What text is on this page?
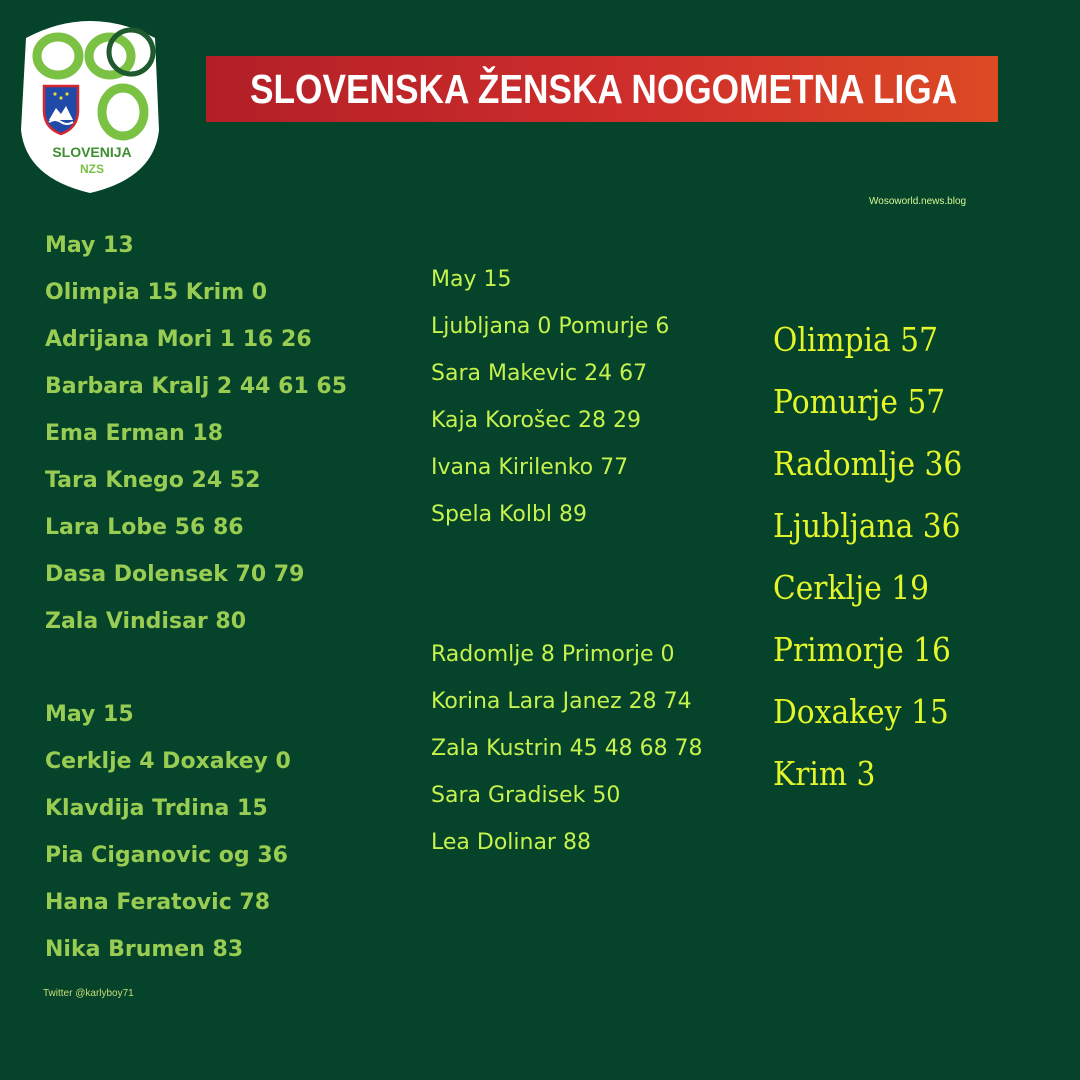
SLOVENIJA
NZS
SLOVENSKA ŽENSKA NOGOMETNA LIGA
Wosoworld.news.blog
May 13
Olimpia 15 Krim 0
Adrijana Mori 1 16 26
Barbara Kralj 2 44 61 65
Ema Erman 18
Tara Knego 24 52
Lara Lobe 56 86
Dasa Dolensek 70 79
Zala Vindisar 80
May 15
Cerklje 4 Doxakey 0
Klavdija Trdina 15
Pia Ciganovic og 36
Hana Feratovic 78
Nika Brumen 83
Twitter @karlyboy71
May 15
Ljubljana 0 Pomurje 6
Sara Makevic 24 67
Kaja Korošec 28 29
Ivana Kirilenko 77
Spela Kolbl 89
Radomlje 8 Primorje 0
Korina Lara Janez 28 74
Zala Kustrin 45 48 68 78
Sara Gradisek 50
Lea Dolinar 88
Olimpia 57
Pomurje 57
Radomlje 36
Ljubljana 36
Cerklje 19
Primorje 16
Doxakey 15
Krim 3
